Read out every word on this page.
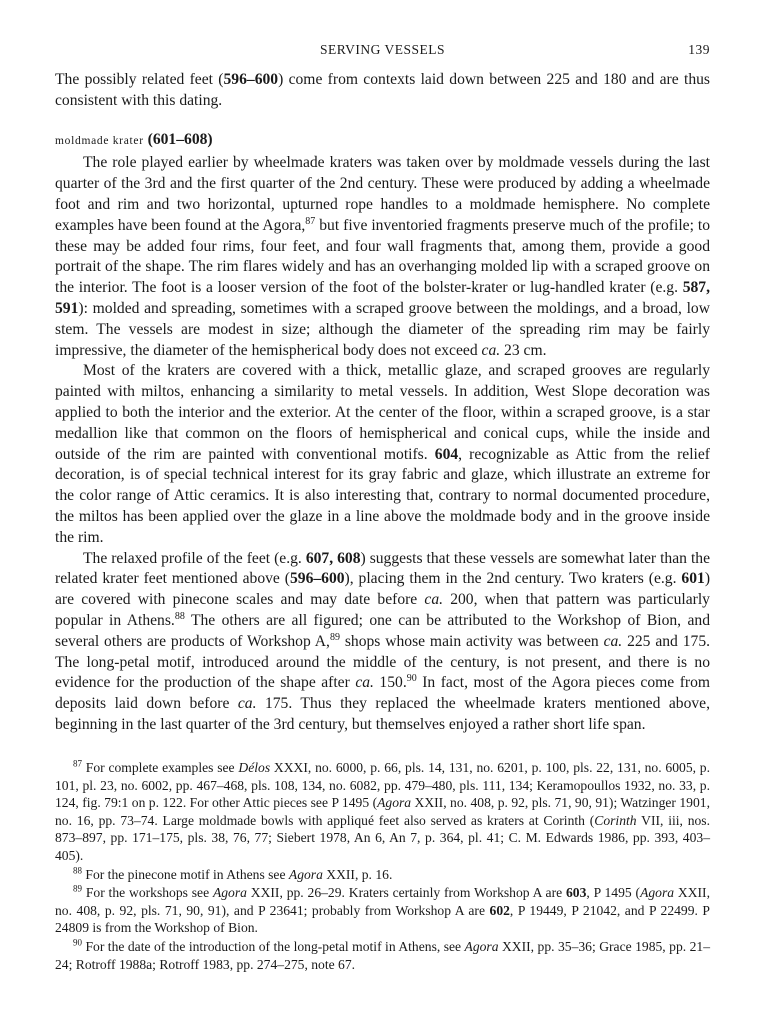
SERVING VESSELS	139

The possibly related feet (596–600) come from contexts laid down between 225 and 180 and are thus consistent with this dating.

moldmade krater (601–608)

The role played earlier by wheelmade kraters was taken over by moldmade vessels during the last quarter of the 3rd and the first quarter of the 2nd century. These were produced by adding a wheelmade foot and rim and two horizontal, upturned rope handles to a moldmade hemisphere. No complete examples have been found at the Agora,$^{87}$ but five inventoried fragments preserve much of the profile; to these may be added four rims, four feet, and four wall fragments that, among them, provide a good portrait of the shape. The rim flares widely and has an overhanging molded lip with a scraped groove on the interior. The foot is a looser version of the foot of the bolster-krater or lug-handled krater (e.g. 587, 591): molded and spreading, sometimes with a scraped groove between the moldings, and a broad, low stem. The vessels are modest in size; although the diameter of the spreading rim may be fairly impressive, the diameter of the hemispherical body does not exceed ca. 23 cm.

Most of the kraters are covered with a thick, metallic glaze, and scraped grooves are regularly painted with miltos, enhancing a similarity to metal vessels. In addition, West Slope decoration was applied to both the interior and the exterior. At the center of the floor, within a scraped groove, is a star medallion like that common on the floors of hemispherical and conical cups, while the inside and outside of the rim are painted with conventional motifs. 604, recognizable as Attic from the relief decoration, is of special technical interest for its gray fabric and glaze, which illustrate an extreme for the color range of Attic ceramics. It is also interesting that, contrary to normal documented procedure, the miltos has been applied over the glaze in a line above the moldmade body and in the groove inside the rim.

The relaxed profile of the feet (e.g. 607, 608) suggests that these vessels are somewhat later than the related krater feet mentioned above (596–600), placing them in the 2nd century. Two kraters (e.g. 601) are covered with pinecone scales and may date before ca. 200, when that pattern was particularly popular in Athens.$^{88}$ The others are all figured; one can be attributed to the Workshop of Bion, and several others are products of Workshop A,$^{89}$ shops whose main activity was between ca. 225 and 175. The long-petal motif, introduced around the middle of the century, is not present, and there is no evidence for the production of the shape after ca. 150.90 In fact, most of the Agora pieces come from deposits laid down before ca. 175. Thus they replaced the wheelmade kraters mentioned above, beginning in the last quarter of the 3rd century, but themselves enjoyed a rather short life span.

$^{87}$ For complete examples see Délos XXXI, no. 6000, p. 66, pls. 14, 131, no. 6201, p. 100, pls. 22, 131, no. 6005, p. 101, pl. 23, no. 6002, pp. 467–468, pls. 108, 134, no. 6082, pp. 479–480, pls. 111, 134; Keramopoullos 1932, no. 33, p. 124, fig. 79:1 on p. 122. For other Attic pieces see P 1495 (Agora XXII, no. 408, p. 92, pls. 71, 90, 91); Watzinger 1901, no. 16, pp. 73–74. Large moldmade bowls with appliqué feet also served as kraters at Corinth (Corinth VII, iii, nos. 873–897, pp. 171–175, pls. 38, 76, 77; Siebert 1978, An 6, An 7, p. 364, pl. 41; C. M. Edwards 1986, pp. 393, 403–405).

$^{88}$ For the pinecone motif in Athens see Agora XXII, p. 16.

$^{89}$ For the workshops see Agora XXII, pp. 26–29. Kraters certainly from Workshop A are 603, P 1495 (Agora XXII, no. 408, p. 92, pls. 71, 90, 91), and P 23641; probably from Workshop A are 602, P 19449, P 21042, and P 22499. P 24809 is from the Workshop of Bion.

$^{90}$ For the date of the introduction of the long-petal motif in Athens, see Agora XXII, pp. 35–36; Grace 1985, pp. 21–24; Rotroff 1988a; Rotroff 1983, pp. 274–275, note 67.
